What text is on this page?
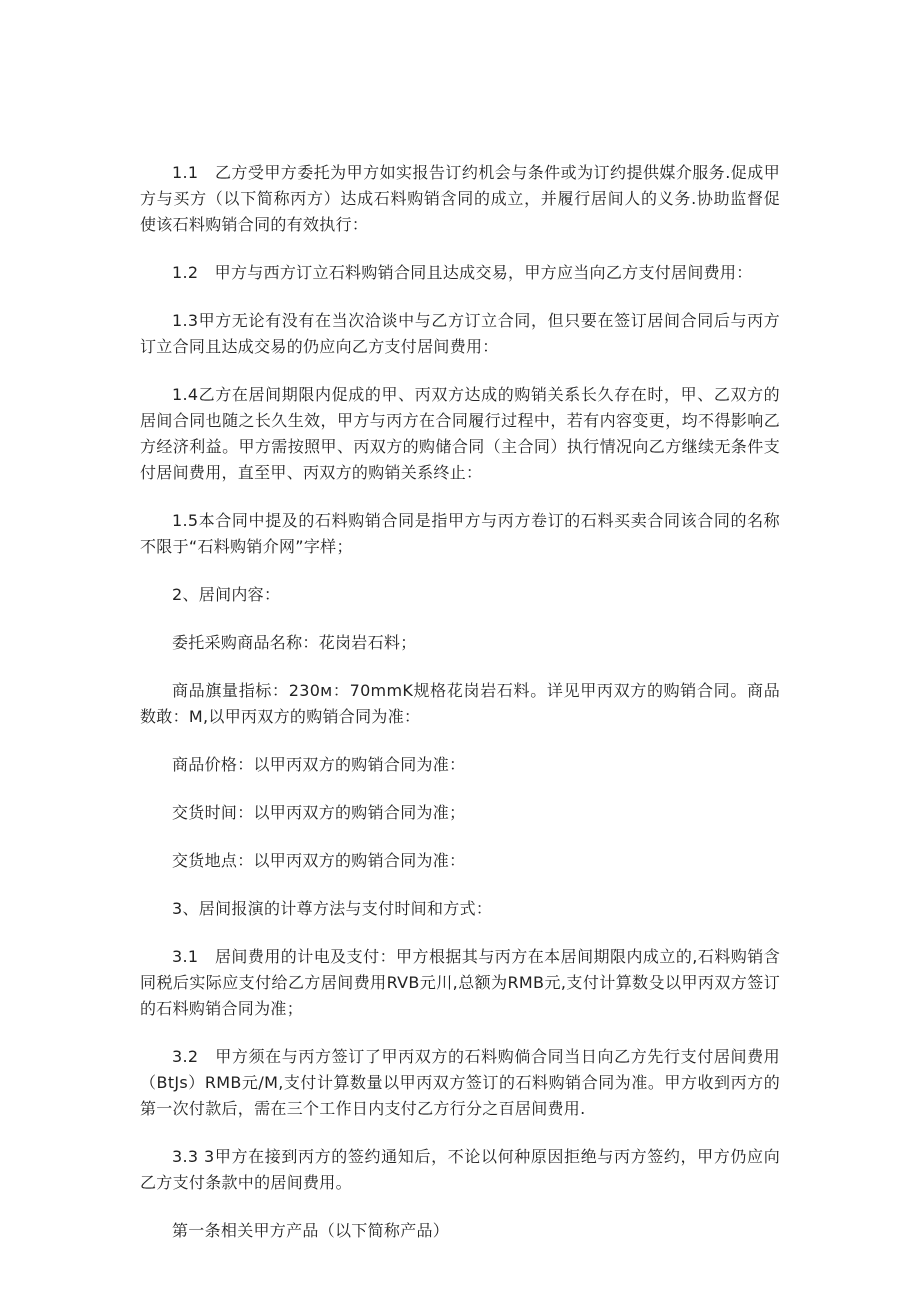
1.1　乙方受甲方委托为甲方如实报告订约机会与条件或为订约提供媒介服务.促成甲方与买方（以下简称丙方）达成石料购销含同的成立，并履行居间人的义务.协助监督促使该石料购销合同的有效执行：

1.2　甲方与西方订立石料购销合同且达成交易，甲方应当向乙方支付居间费用：

1.3甲方无论有没有在当次洽谈中与乙方订立合同，但只要在签订居间合同后与丙方订立合同且达成交易的仍应向乙方支付居间费用：

1.4乙方在居间期限内促成的甲、丙双方达成的购销关系长久存在时，甲、乙双方的居间合同也随之长久生效，甲方与丙方在合同履行过程中，若有内容变更，均不得影响乙方经济利益。甲方需按照甲、丙双方的购储合同（主合同）执行情况向乙方继续无条件支付居间费用，直至甲、丙双方的购销关系终止：

1.5本合同中提及的石料购销合同是指甲方与丙方卷订的石料买卖合同该合同的名称不限于“石料购销介网”字样；

2、居间内容：

委托采购商品名称：花岗岩石料；

商品旗量指标：230м：70mmK规格花岗岩石料。详见甲丙双方的购销合同。商品数敢：M,以甲丙双方的购销合同为准：

商品价格：以甲丙双方的购销合同为准：

交货时间：以甲丙双方的购销合同为准；

交货地点：以甲丙双方的购销合同为准：

3、居间报演的计尊方法与支付时间和方式：

3.1　居间费用的计电及支付：甲方根据其与丙方在本居间期限内成立的,石料购销含同税后实际应支付给乙方居间费用RVB元川,总额为RMB元,支付计算数殳以甲丙双方签订的石料购销合同为准；

3.2　甲方须在与丙方签订了甲丙双方的石料购倘合同当日向乙方先行支付居间费用（BtJs）RMB元/M,支付计算数量以甲丙双方签订的石料购销合同为准。甲方收到丙方的第一次付款后，需在三个工作日内支付乙方行分之百居间费用.

3.3 3甲方在接到丙方的签约通知后，不论以何种原因拒绝与丙方签约，甲方仍应向乙方支付条款中的居间费用。

第一条相关甲方产品（以下简称产品）
